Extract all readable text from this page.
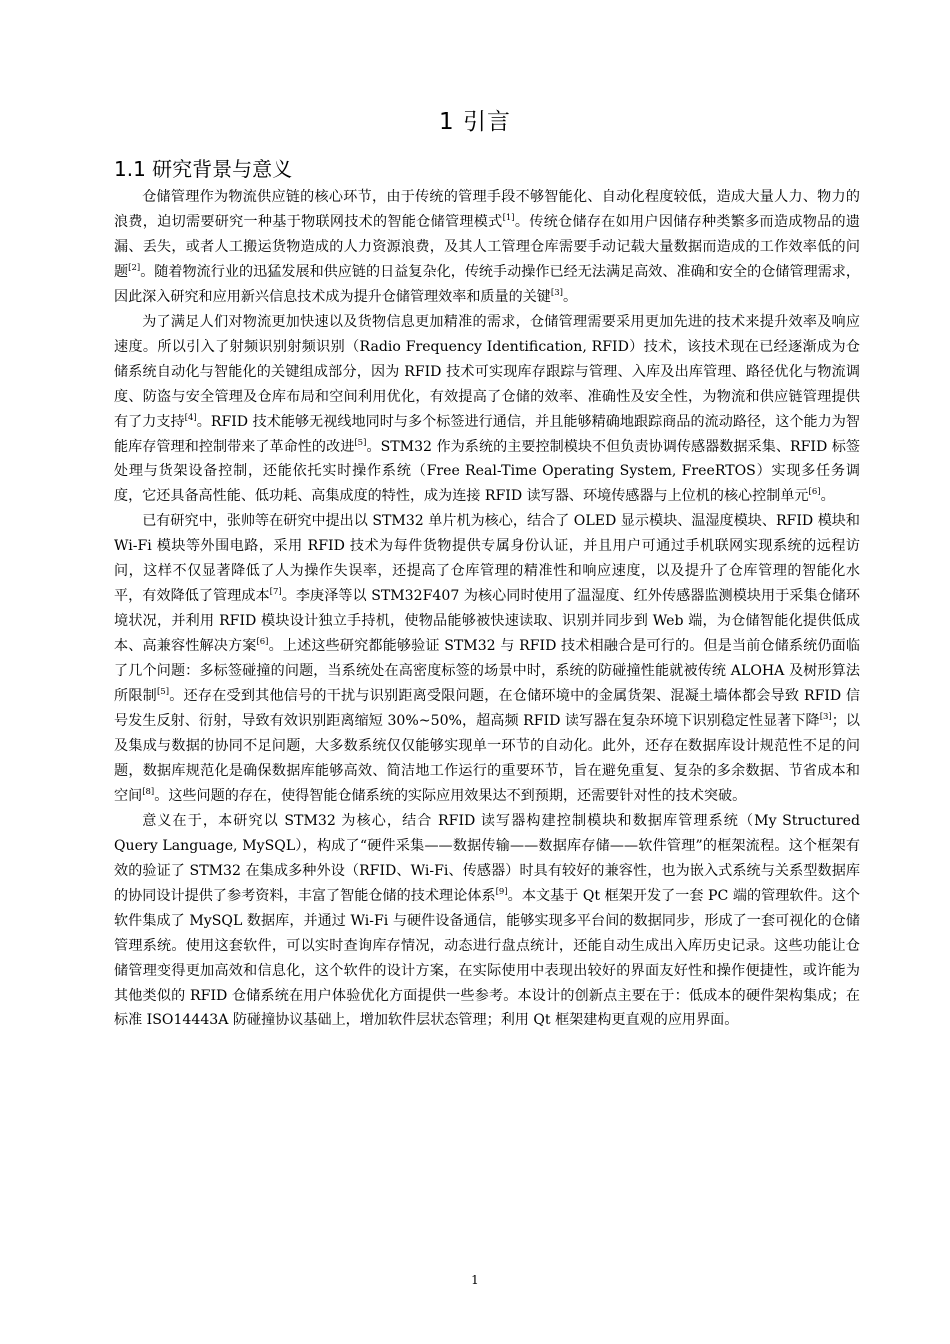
1 引言
1.1 研究背景与意义

仓储管理作为物流供应链的核心环节，由于传统的管理手段不够智能化、自动化程度较低，造成大量人力、物力的浪费，迫切需要研究一种基于物联网技术的智能仓储管理模式[1]。传统仓储存在如用户因储存种类繁多而造成物品的遗漏、丢失，或者人工搬运货物造成的人力资源浪费，及其人工管理仓库需要手动记载大量数据而造成的工作效率低的问题[2]。随着物流行业的迅猛发展和供应链的日益复杂化，传统手动操作已经无法满足高效、准确和安全的仓储管理需求，因此深入研究和应用新兴信息技术成为提升仓储管理效率和质量的关键[3]。

为了满足人们对物流更加快速以及货物信息更加精准的需求，仓储管理需要采用更加先进的技术来提升效率及响应速度。所以引入了射频识别射频识别（Radio Frequency Identification, RFID）技术，该技术现在已经逐渐成为仓储系统自动化与智能化的关键组成部分，因为 RFID 技术可实现库存跟踪与管理、入库及出库管理、路径优化与物流调度、防盗与安全管理及仓库布局和空间利用优化，有效提高了仓储的效率、准确性及安全性，为物流和供应链管理提供有了力支持[4]。RFID 技术能够无视线地同时与多个标签进行通信，并且能够精确地跟踪商品的流动路径，这个能力为智能库存管理和控制带来了革命性的改进[5]。STM32 作为系统的主要控制模块不但负责协调传感器数据采集、RFID 标签处理与货架设备控制，还能依托实时操作系统（Free Real-Time Operating System, FreeRTOS）实现多任务调度，它还具备高性能、低功耗、高集成度的特性，成为连接 RFID 读写器、环境传感器与上位机的核心控制单元[6]。

已有研究中，张帅等在研究中提出以 STM32 单片机为核心，结合了 OLED 显示模块、温湿度模块、RFID 模块和 Wi-Fi 模块等外围电路，采用 RFID 技术为每件货物提供专属身份认证，并且用户可通过手机联网实现系统的远程访问，这样不仅显著降低了人为操作失误率，还提高了仓库管理的精准性和响应速度，以及提升了仓库管理的智能化水平，有效降低了管理成本[7]。李庚泽等以 STM32F407 为核心同时使用了温湿度、红外传感器监测模块用于采集仓储环境状况，并利用 RFID 模块设计独立手持机，使物品能够被快速读取、识别并同步到 Web 端，为仓储智能化提供低成本、高兼容性解决方案[6]。上述这些研究都能够验证 STM32 与 RFID 技术相融合是可行的。但是当前仓储系统仍面临了几个问题：多标签碰撞的问题，当系统处在高密度标签的场景中时，系统的防碰撞性能就被传统 ALOHA 及树形算法所限制[5]。还存在受到其他信号的干扰与识别距离受限问题，在仓储环境中的金属货架、混凝土墙体都会导致 RFID 信号发生反射、衍射，导致有效识别距离缩短 30%~50%，超高频 RFID 读写器在复杂环境下识别稳定性显著下降[3]；以及集成与数据的协同不足问题，大多数系统仅仅能够实现单一环节的自动化。此外，还存在数据库设计规范性不足的问题，数据库规范化是确保数据库能够高效、简洁地工作运行的重要环节，旨在避免重复、复杂的多余数据、节省成本和空间[8]。这些问题的存在，使得智能仓储系统的实际应用效果达不到预期，还需要针对性的技术突破。

意义在于，本研究以 STM32 为核心，结合 RFID 读写器构建控制模块和数据库管理系统（My Structured Query Language, MySQL），构成了“硬件采集——数据传输——数据库存储——软件管理”的框架流程。这个框架有效的验证了 STM32 在集成多种外设（RFID、Wi-Fi、传感器）时具有较好的兼容性，也为嵌入式系统与关系型数据库的协同设计提供了参考资料，丰富了智能仓储的技术理论体系[9]。本文基于 Qt 框架开发了一套 PC 端的管理软件。这个软件集成了 MySQL 数据库，并通过 Wi-Fi 与硬件设备通信，能够实现多平台间的数据同步，形成了一套可视化的仓储管理系统。使用这套软件，可以实时查询库存情况，动态进行盘点统计，还能自动生成出入库历史记录。这些功能让仓储管理变得更加高效和信息化，这个软件的设计方案，在实际使用中表现出较好的界面友好性和操作便捷性，或许能为其他类似的 RFID 仓储系统在用户体验优化方面提供一些参考。本设计的创新点主要在于：低成本的硬件架构集成；在标准 ISO14443A 防碰撞协议基础上，增加软件层状态管理；利用 Qt 框架建构更直观的应用界面。

1
